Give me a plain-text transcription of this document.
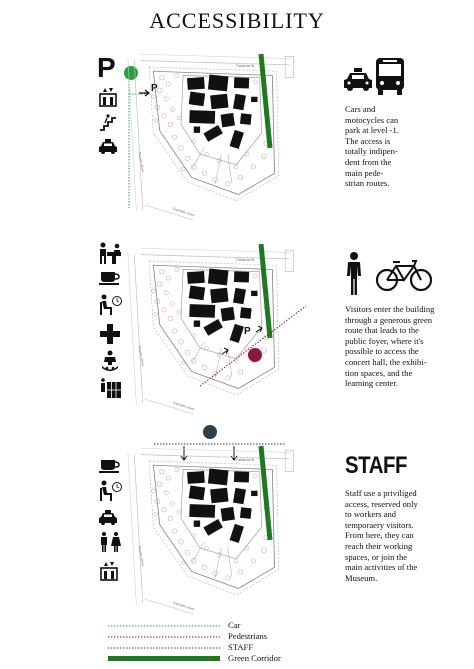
ACCESSIBILITY
Fabbriche St
Gruyère street
Ospedale street
P
P
Cars and
motocycles can
park at level -1.
The access is
totally indipen-
dent from the
main pede-
strian routes.
P
Visitors enter the building
through a generous green
route that leads to the
public foyer, where it's
possible to access the
concert hall, the exhibi-
tion spaces, and the
learning center.
STAFF
Staff use a priviliged
access, reserved only
to workers and
temporaery visitors.
From here, they can
reach their working
spaces, or join the
main activities of the
Museum.
Car
Pedestrians
STAFF
Green Corridor
